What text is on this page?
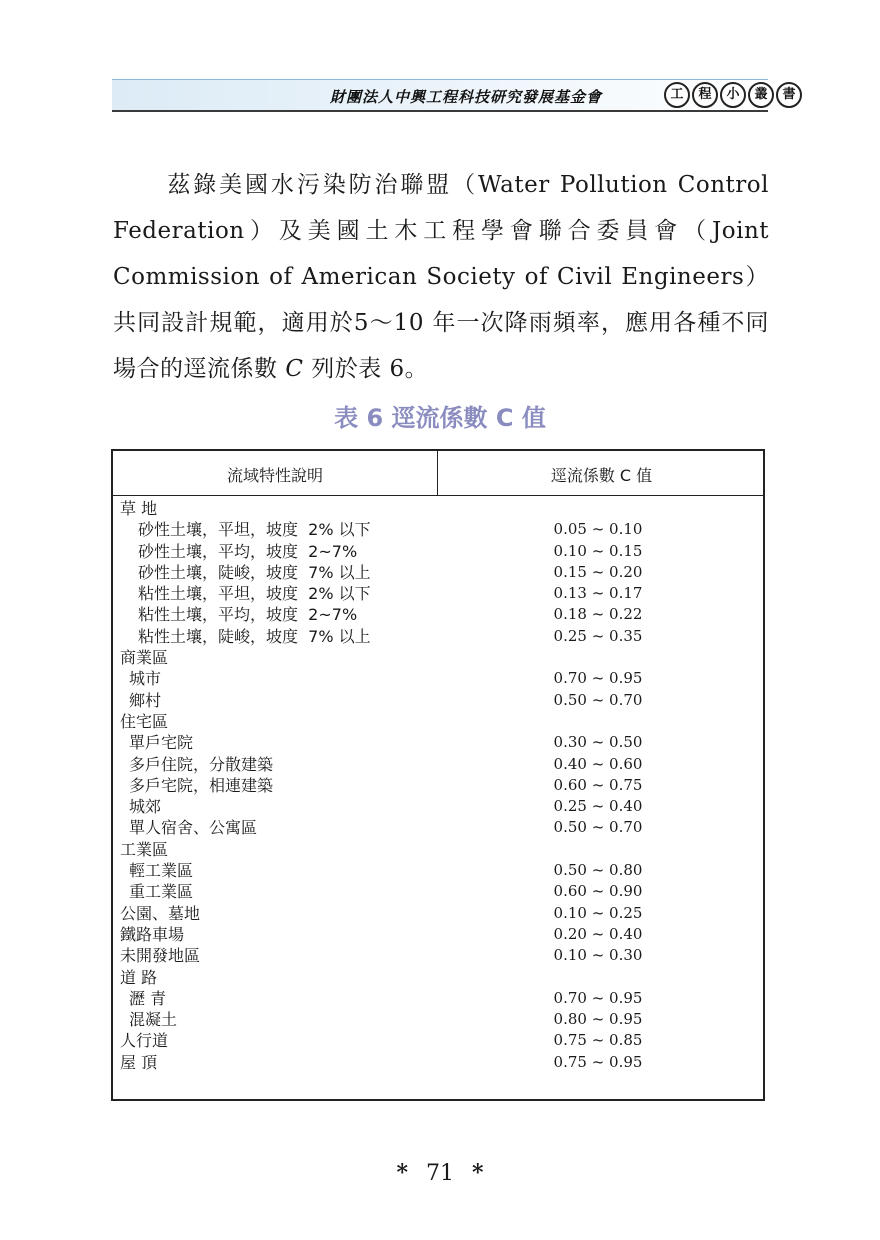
財團法人中興工程科技研究發展基金會	工	程	小	叢	書
茲錄美國水污染防治聯盟（Water Pollution Control Federation）及美國土木工程學會聯合委員會（Joint Commission of American Society of Civil Engineers）共同設計規範，適用於5～10 年一次降雨頻率，應用各種不同場合的逕流係數 C 列於表 6。
表 6 逕流係數 C 值
流域特性說明	逕流係數 C 值
草 地
砂性土壤，平坦，坡度  2% 以下	0.05 ~ 0.10
砂性土壤，平均，坡度  2~7%	0.10 ~ 0.15
砂性土壤，陡峻，坡度  7% 以上	0.15 ~ 0.20
粘性土壤，平坦，坡度  2% 以下	0.13 ~ 0.17
粘性土壤，平均，坡度  2~7%	0.18 ~ 0.22
粘性土壤，陡峻，坡度  7% 以上	0.25 ~ 0.35
商業區
城市	0.70 ~ 0.95
鄉村	0.50 ~ 0.70
住宅區
單戶宅院	0.30 ~ 0.50
多戶住院，分散建築	0.40 ~ 0.60
多戶宅院，相連建築	0.60 ~ 0.75
城郊	0.25 ~ 0.40
單人宿舍、公寓區	0.50 ~ 0.70
工業區
輕工業區	0.50 ~ 0.80
重工業區	0.60 ~ 0.90
公園、墓地	0.10 ~ 0.25
鐵路車場	0.20 ~ 0.40
未開發地區	0.10 ~ 0.30
道 路
瀝 青	0.70 ~ 0.95
混凝土	0.80 ~ 0.95
人行道	0.75 ~ 0.85
屋 頂	0.75 ~ 0.95
* 71 *
